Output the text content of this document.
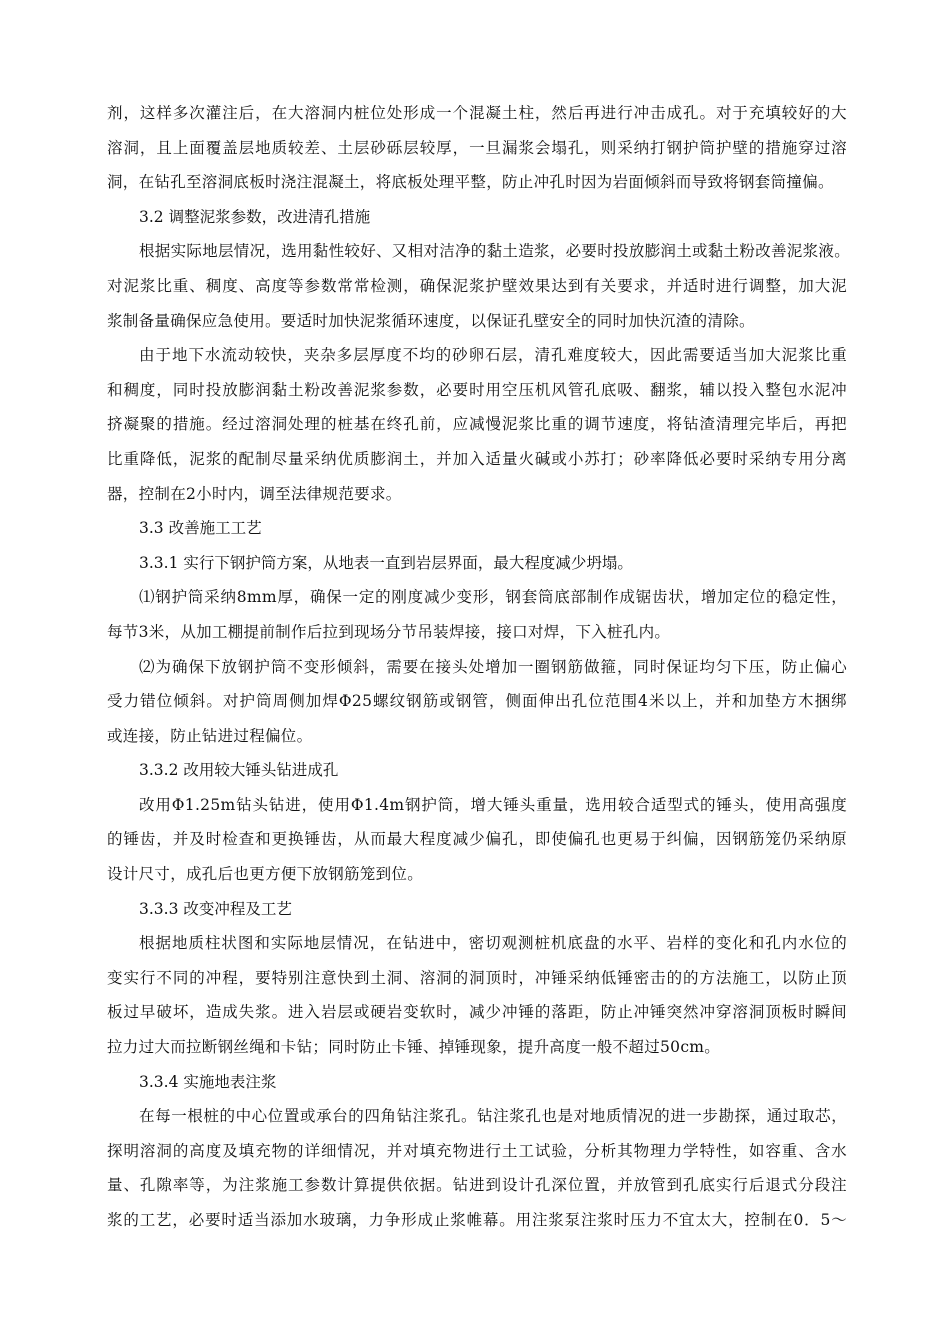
剂，这样多次灌注后，在大溶洞内桩位处形成一个混凝土柱，然后再进行冲击成孔。对于充填较好的大
溶洞，且上面覆盖层地质较差、土层砂砾层较厚，一旦漏浆会塌孔，则采纳打钢护筒护壁的措施穿过溶
洞，在钻孔至溶洞底板时浇注混凝土，将底板处理平整，防止冲孔时因为岩面倾斜而导致将钢套筒撞偏。
3.2 调整泥浆参数，改进清孔措施
根据实际地层情况，选用黏性较好、又相对洁净的黏土造浆，必要时投放膨润土或黏土粉改善泥浆液。
对泥浆比重、稠度、高度等参数常常检测，确保泥浆护壁效果达到有关要求，并适时进行调整，加大泥
浆制备量确保应急使用。要适时加快泥浆循环速度，以保证孔壁安全的同时加快沉渣的清除。
由于地下水流动较快，夹杂多层厚度不均的砂卵石层，清孔难度较大，因此需要适当加大泥浆比重
和稠度，同时投放膨润黏土粉改善泥浆参数，必要时用空压机风管孔底吸、翻浆，辅以投入整包水泥冲
挤凝聚的措施。经过溶洞处理的桩基在终孔前，应减慢泥浆比重的调节速度，将钻渣清理完毕后，再把
比重降低，泥浆的配制尽量采纳优质膨润土，并加入适量火碱或小苏打；砂率降低必要时采纳专用分离
器，控制在2小时内，调至法律规范要求。
3.3 改善施工工艺
3.3.1 实行下钢护筒方案，从地表一直到岩层界面，最大程度减少坍塌。
⑴钢护筒采纳8mm厚，确保一定的刚度减少变形，钢套筒底部制作成锯齿状，增加定位的稳定性，
每节3米，从加工棚提前制作后拉到现场分节吊装焊接，接口对焊，下入桩孔内。
⑵为确保下放钢护筒不变形倾斜，需要在接头处增加一圈钢筋做箍，同时保证均匀下压，防止偏心
受力错位倾斜。对护筒周侧加焊Φ25螺纹钢筋或钢管，侧面伸出孔位范围4米以上，并和加垫方木捆绑
或连接，防止钻进过程偏位。
3.3.2 改用较大锤头钻进成孔
改用Φ1.25m钻头钻进，使用Φ1.4m钢护筒，增大锤头重量，选用较合适型式的锤头，使用高强度
的锤齿，并及时检查和更换锤齿，从而最大程度减少偏孔，即使偏孔也更易于纠偏，因钢筋笼仍采纳原
设计尺寸，成孔后也更方便下放钢筋笼到位。
3.3.3 改变冲程及工艺
根据地质柱状图和实际地层情况，在钻进中，密切观测桩机底盘的水平、岩样的变化和孔内水位的
变实行不同的冲程，要特别注意快到土洞、溶洞的洞顶时，冲锤采纳低锤密击的的方法施工，以防止顶
板过早破坏，造成失浆。进入岩层或硬岩变软时，减少冲锤的落距，防止冲锤突然冲穿溶洞顶板时瞬间
拉力过大而拉断钢丝绳和卡钻；同时防止卡锤、掉锤现象，提升高度一般不超过50cm。
3.3.4 实施地表注浆
在每一根桩的中心位置或承台的四角钻注浆孔。钻注浆孔也是对地质情况的进一步勘探，通过取芯，
探明溶洞的高度及填充物的详细情况，并对填充物进行土工试验，分析其物理力学特性，如容重、含水
量、孔隙率等，为注浆施工参数计算提供依据。钻进到设计孔深位置，并放管到孔底实行后退式分段注
浆的工艺，必要时适当添加水玻璃，力争形成止浆帷幕。用注浆泵注浆时压力不宜太大，控制在0．5～
